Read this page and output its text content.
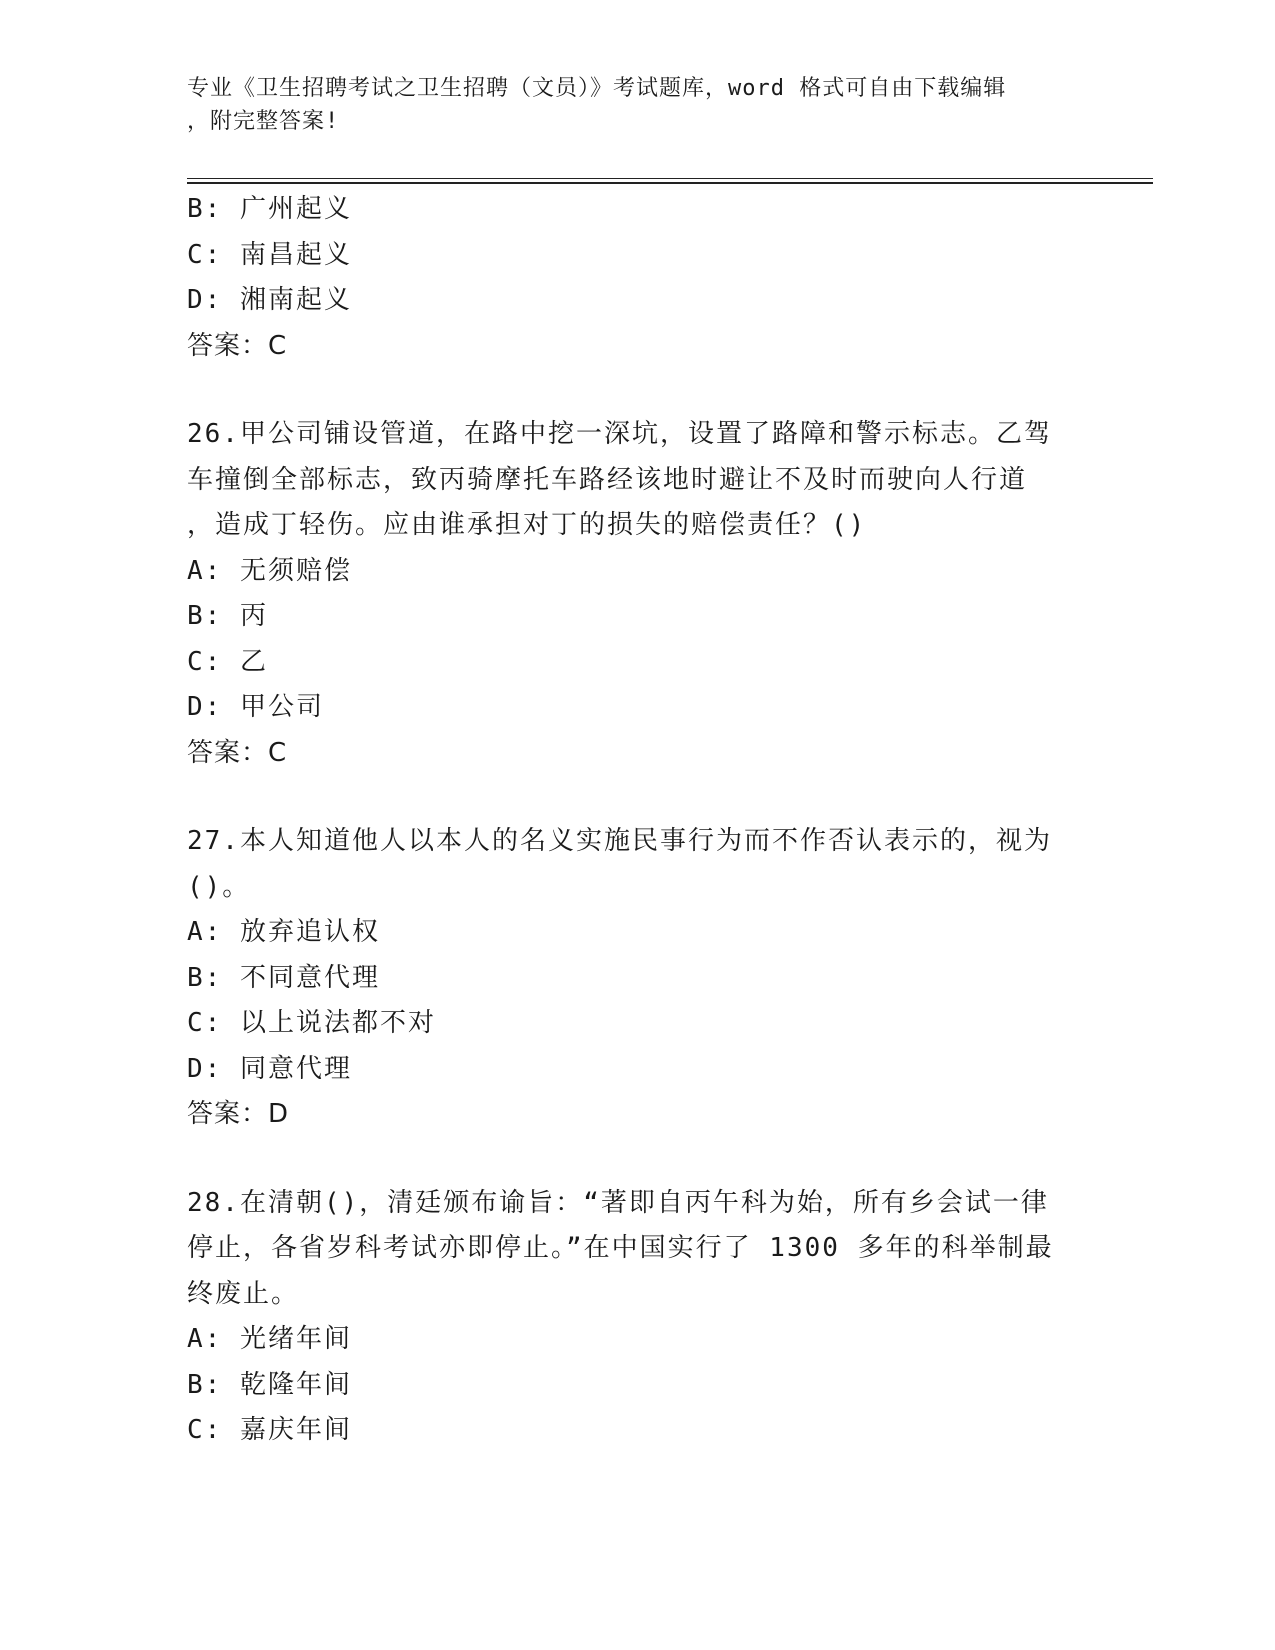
专业《卫生招聘考试之卫生招聘（文员）》考试题库，word 格式可自由下载编辑
，附完整答案!
B: 广州起义
C: 南昌起义
D: 湘南起义
答案：C
26.甲公司铺设管道，在路中挖一深坑，设置了路障和警示标志。乙驾
车撞倒全部标志，致丙骑摩托车路经该地时避让不及时而驶向人行道
，造成丁轻伤。应由谁承担对丁的损失的赔偿责任？()
A: 无须赔偿
B: 丙
C: 乙
D: 甲公司
答案：C
27.本人知道他人以本人的名义实施民事行为而不作否认表示的，视为
()。
A: 放弃追认权
B: 不同意代理
C: 以上说法都不对
D: 同意代理
答案：D
28.在清朝()，清廷颁布谕旨：“著即自丙午科为始，所有乡会试一律
停止，各省岁科考试亦即停止。”在中国实行了 1300 多年的科举制最
终废止。
A: 光绪年间
B: 乾隆年间
C: 嘉庆年间
